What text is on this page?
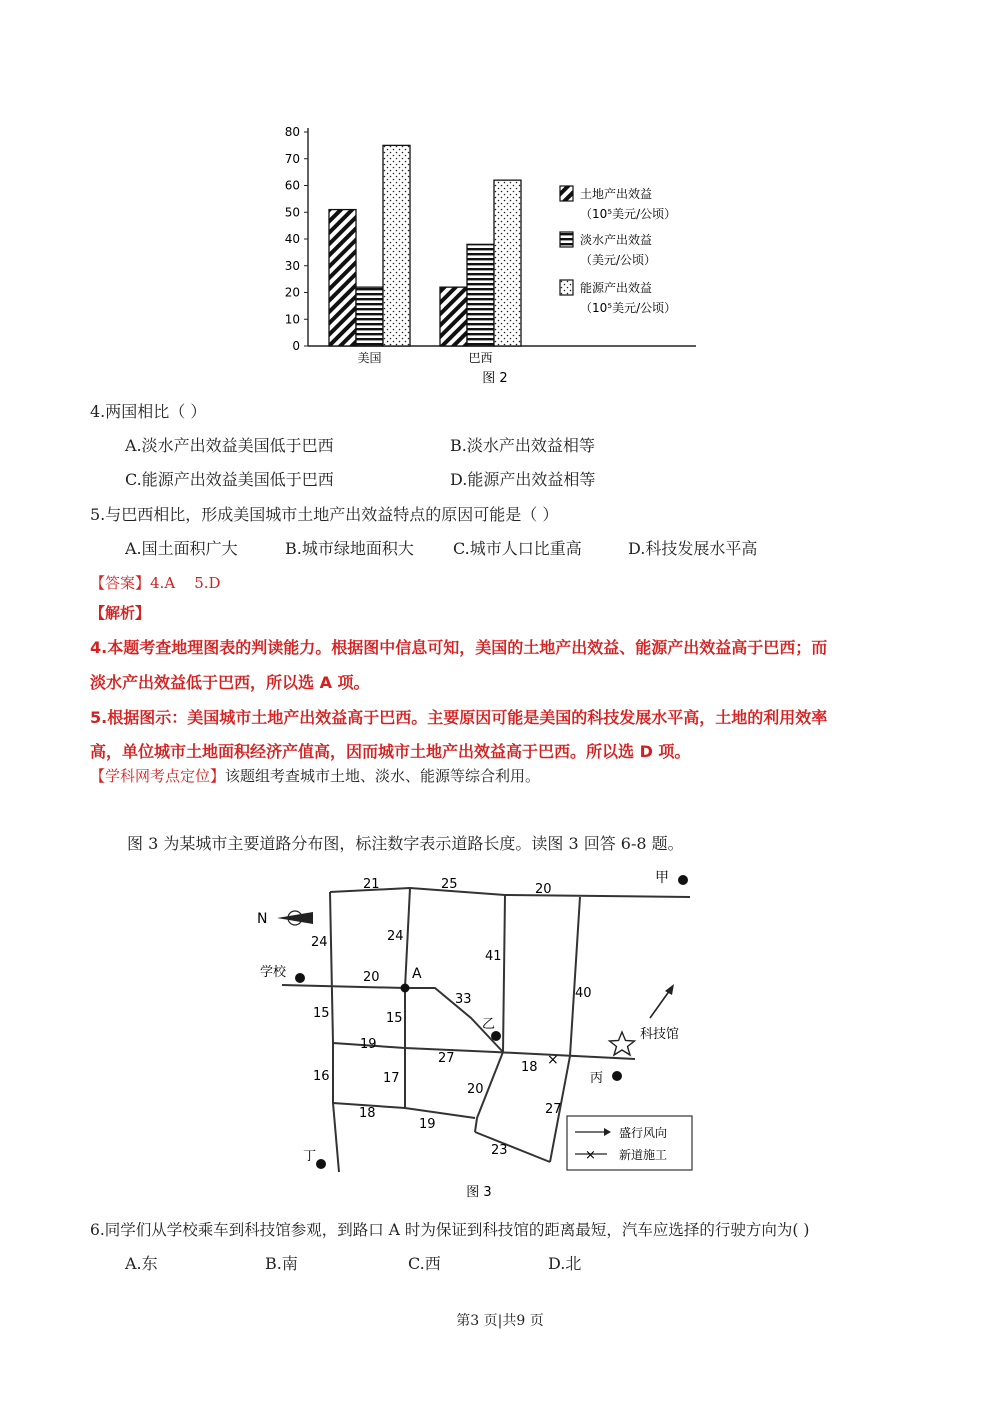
0
10
20
30
40
50
60
70
80
美国	巴西
土地产出效益
（10⁵美元/公顷）
淡水产出效益
（美元/公顷）
能源产出效益
（10⁵美元/公顷）
图 2
4.两国相比（ ）
A.淡水产出效益美国低于巴西	B.淡水产出效益相等
C.能源产出效益美国低于巴西	D.能源产出效益相等
5.与巴西相比，形成美国城市土地产出效益特点的原因可能是（ ）
A.国土面积广大	B.城市绿地面积大 C.城市人口比重高	D.科技发展水平高
【答案】4.A    5.D
【解析】
4.本题考查地理图表的判读能力。根据图中信息可知，美国的土地产出效益、能源产出效益高于巴西；而
淡水产出效益低于巴西，所以选 A 项。
5.根据图示：美国城市土地产出效益高于巴西。主要原因可能是美国的科技发展水平高，土地的利用效率
高，单位城市土地面积经济产值高，因而城市土地产出效益高于巴西。所以选 D 项。
【学科网考点定位】该题组考查城市土地、淡水、能源等综合利用。
图 3 为某城市主要道路分布图，标注数字表示道路长度。读图 3 回答 6-8 题。
×
N
甲
学校	A
乙
科技馆
丙
丁
21	25	20
24	24
41
20
33	40
15	15
19
27
18
16	17
20
27
18
19
23
盛行风向
× 新道施工
图 3
6.同学们从学校乘车到科技馆参观，到路口 A 时为保证到科技馆的距离最短，汽车应选择的行驶方向为( )
A.东	B.南	C.西	D.北
第3 页|共9 页
